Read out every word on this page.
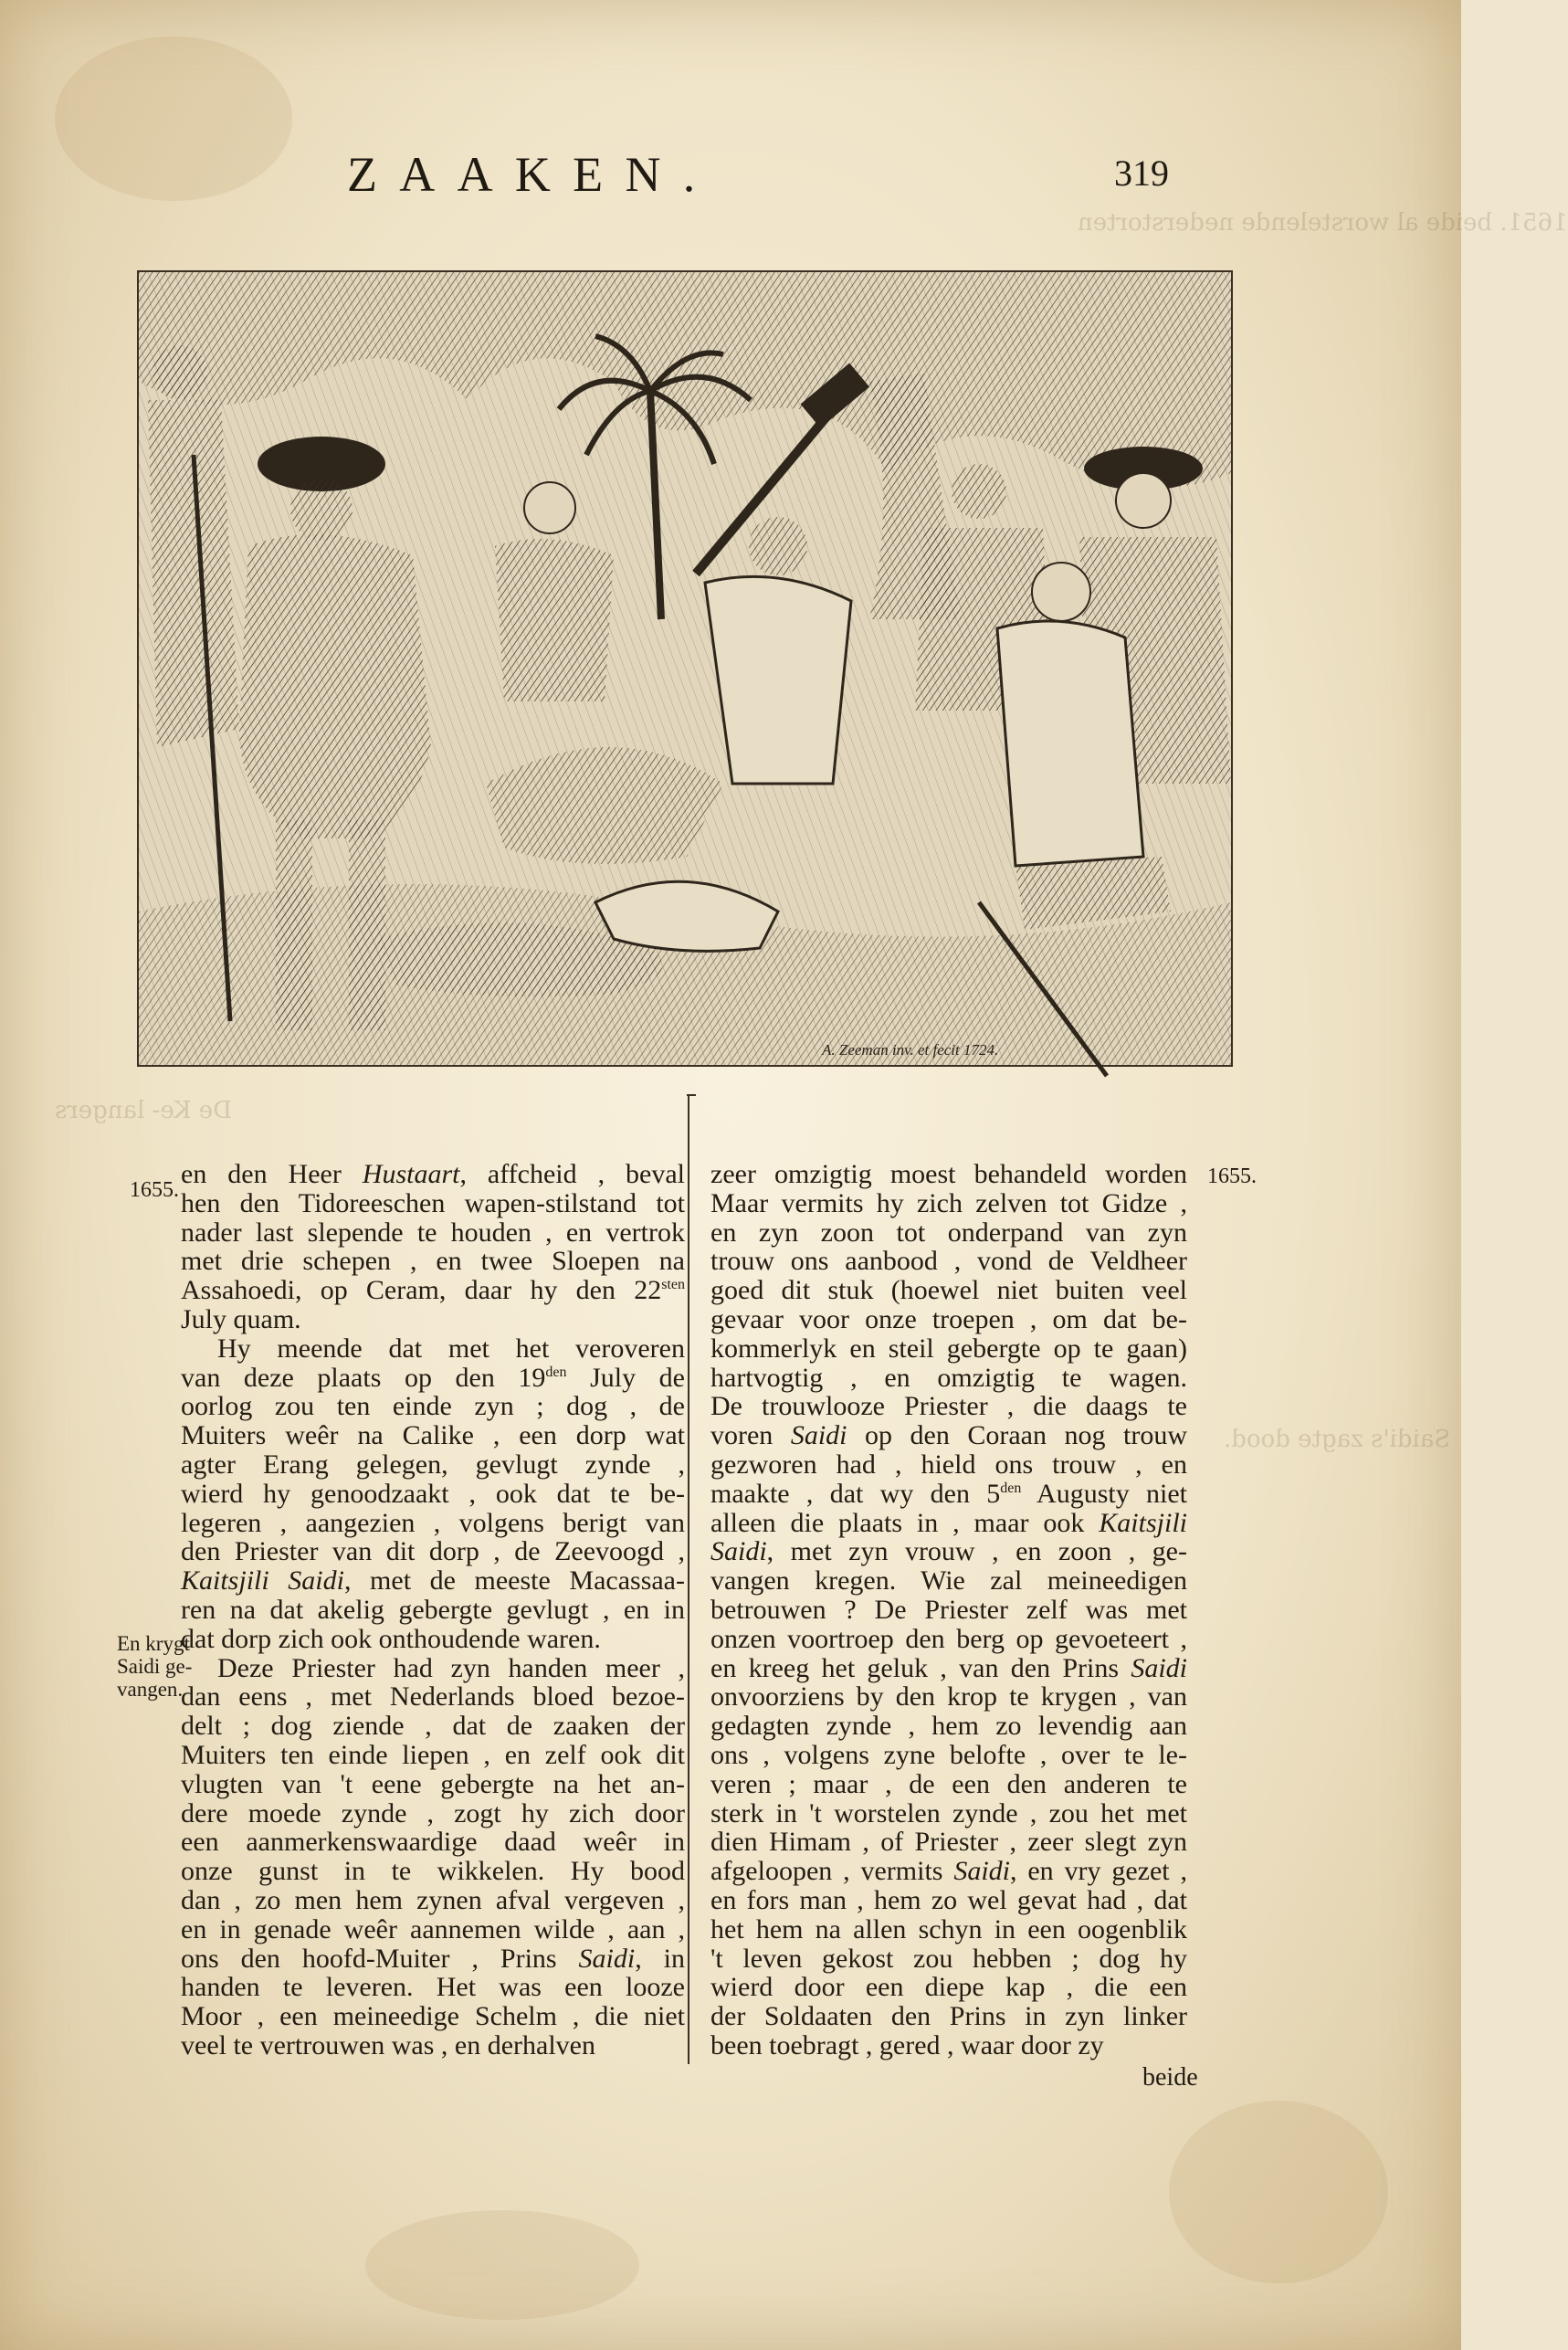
1651. beide al worstelende nederstorten
De Ke- langers
Saidi's zagte dood.
ZAAKEN.	319
A. Zeeman inv. et fecit 1724.
1655.
1655.
En krygt
Saidi ge-
vangen.
en den Heer Hustaart, affcheid , beval
hen den Tidoreeschen wapen-stilstand tot
nader last slepende te houden , en vertrok
met drie schepen , en twee Sloepen na
Assahoedi, op Ceram, daar hy den $22^{sten}$
July quam.
Hy meende dat met het veroveren
van deze plaats op den $19^{den}$ July de
oorlog zou ten einde zyn ; dog , de
Muiters weêr na Calike , een dorp wat
agter Erang gelegen, gevlugt zynde ,
wierd hy genoodzaakt , ook dat te be-
legeren , aangezien , volgens berigt van
den Priester van dit dorp , de Zeevoogd ,
Kaitsjili Saidi, met de meeste Macassaa-
ren na dat akelig gebergte gevlugt , en in
dat dorp zich ook onthoudende waren.
Deze Priester had zyn handen meer ,
dan eens , met Nederlands bloed bezoe-
delt ; dog ziende , dat de zaaken der
Muiters ten einde liepen , en zelf ook dit
vlugten van 't eene gebergte na het an-
dere moede zynde , zogt hy zich door
een aanmerkenswaardige daad weêr in
onze gunst in te wikkelen. Hy bood
dan , zo men hem zynen afval vergeven ,
en in genade weêr aannemen wilde , aan ,
ons den hoofd-Muiter , Prins Saidi, in
handen te leveren. Het was een looze
Moor , een meineedige Schelm , die niet
veel te vertrouwen was , en derhalven
zeer omzigtig moest behandeld worden
Maar vermits hy zich zelven tot Gidze ,
en zyn zoon tot onderpand van zyn
trouw ons aanbood , vond de Veldheer
goed dit stuk (hoewel niet buiten veel
gevaar voor onze troepen , om dat be-
kommerlyk en steil gebergte op te gaan)
hartvogtig , en omzigtig te wagen.
De trouwlooze Priester , die daags te
voren Saidi op den Coraan nog trouw
gezworen had , hield ons trouw , en
maakte , dat wy den $5^{den}$ Augusty niet
alleen die plaats in , maar ook Kaitsjili
Saidi, met zyn vrouw , en zoon , ge-
vangen kregen. Wie zal meineedigen
betrouwen ? De Priester zelf was met
onzen voortroep den berg op gevoeteert ,
en kreeg het geluk , van den Prins Saidi
onvoorziens by den krop te krygen , van
gedagten zynde , hem zo levendig aan
ons , volgens zyne belofte , over te le-
veren ; maar , de een den anderen te
sterk in 't worstelen zynde , zou het met
dien Himam , of Priester , zeer slegt zyn
afgeloopen , vermits Saidi, en vry gezet ,
en fors man , hem zo wel gevat had , dat
het hem na allen schyn in een oogenblik
't leven gekost zou hebben ; dog hy
wierd door een diepe kap , die een
der Soldaaten den Prins in zyn linker
been toebragt , gered , waar door zy
beide
